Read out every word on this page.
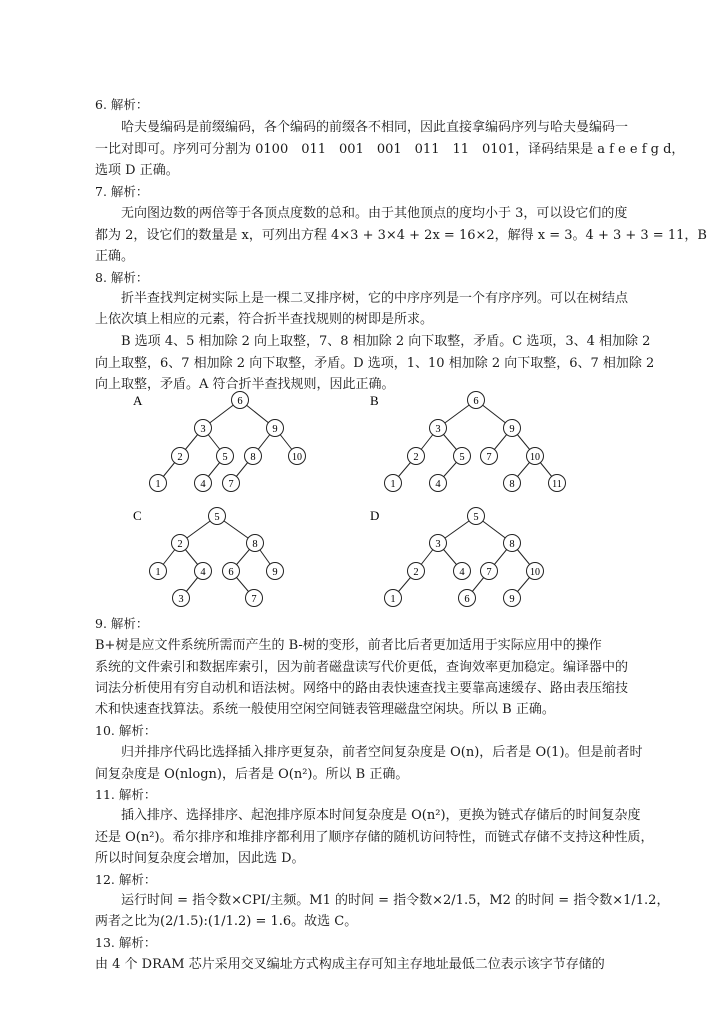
6. 解析：
哈夫曼编码是前缀编码，各个编码的前缀各不相同，因此直接拿编码序列与哈夫曼编码一
一比对即可。序列可分割为 0100　011　001　001　011　11　0101，译码结果是 a f e e f g d，
选项 D 正确。
7. 解析：
无向图边数的两倍等于各顶点度数的总和。由于其他顶点的度均小于 3，可以设它们的度
都为 2，设它们的数量是 x，可列出方程 4×3 + 3×4 + 2x = 16×2，解得 x = 3。4 + 3 + 3 = 11，B
正确。
8. 解析：
折半查找判定树实际上是一棵二叉排序树，它的中序序列是一个有序序列。可以在树结点
上依次填上相应的元素，符合折半查找规则的树即是所求。
B 选项 4、5 相加除 2 向上取整，7、8 相加除 2 向下取整，矛盾。C 选项，3、4 相加除 2
向上取整，6、7 相加除 2 向下取整，矛盾。D 选项，1、10 相加除 2 向下取整，6、7 相加除 2
向上取整，矛盾。A 符合折半查找规则，因此正确。
A	B
C	D
6
3	9
2	5 8	10
1	4 7
6
3	9
2	5 7	10
1	4	8	11
5
2	8
1	4 6	9
3	7
5
3	8
2	4 7	10
1	6	9
9. 解析：
B+树是应文件系统所需而产生的 B-树的变形，前者比后者更加适用于实际应用中的操作
系统的文件索引和数据库索引，因为前者磁盘读写代价更低，查询效率更加稳定。编译器中的
词法分析使用有穷自动机和语法树。网络中的路由表快速查找主要靠高速缓存、路由表压缩技
术和快速查找算法。系统一般使用空闲空间链表管理磁盘空闲块。所以 B 正确。
10. 解析：
归并排序代码比选择插入排序更复杂，前者空间复杂度是 O(n)，后者是 O(1)。但是前者时
间复杂度是 O(nlogn)，后者是 O(n²)。所以 B 正确。
11. 解析：
插入排序、选择排序、起泡排序原本时间复杂度是 O(n²)，更换为链式存储后的时间复杂度
还是 O(n²)。希尔排序和堆排序都利用了顺序存储的随机访问特性，而链式存储不支持这种性质，
所以时间复杂度会增加，因此选 D。
12. 解析：
运行时间 = 指令数×CPI/主频。M1 的时间 = 指令数×2/1.5，M2 的时间 = 指令数×1/1.2，
两者之比为(2/1.5):(1/1.2) = 1.6。故选 C。
13. 解析：
由 4 个 DRAM 芯片采用交叉编址方式构成主存可知主存地址最低二位表示该字节存储的
